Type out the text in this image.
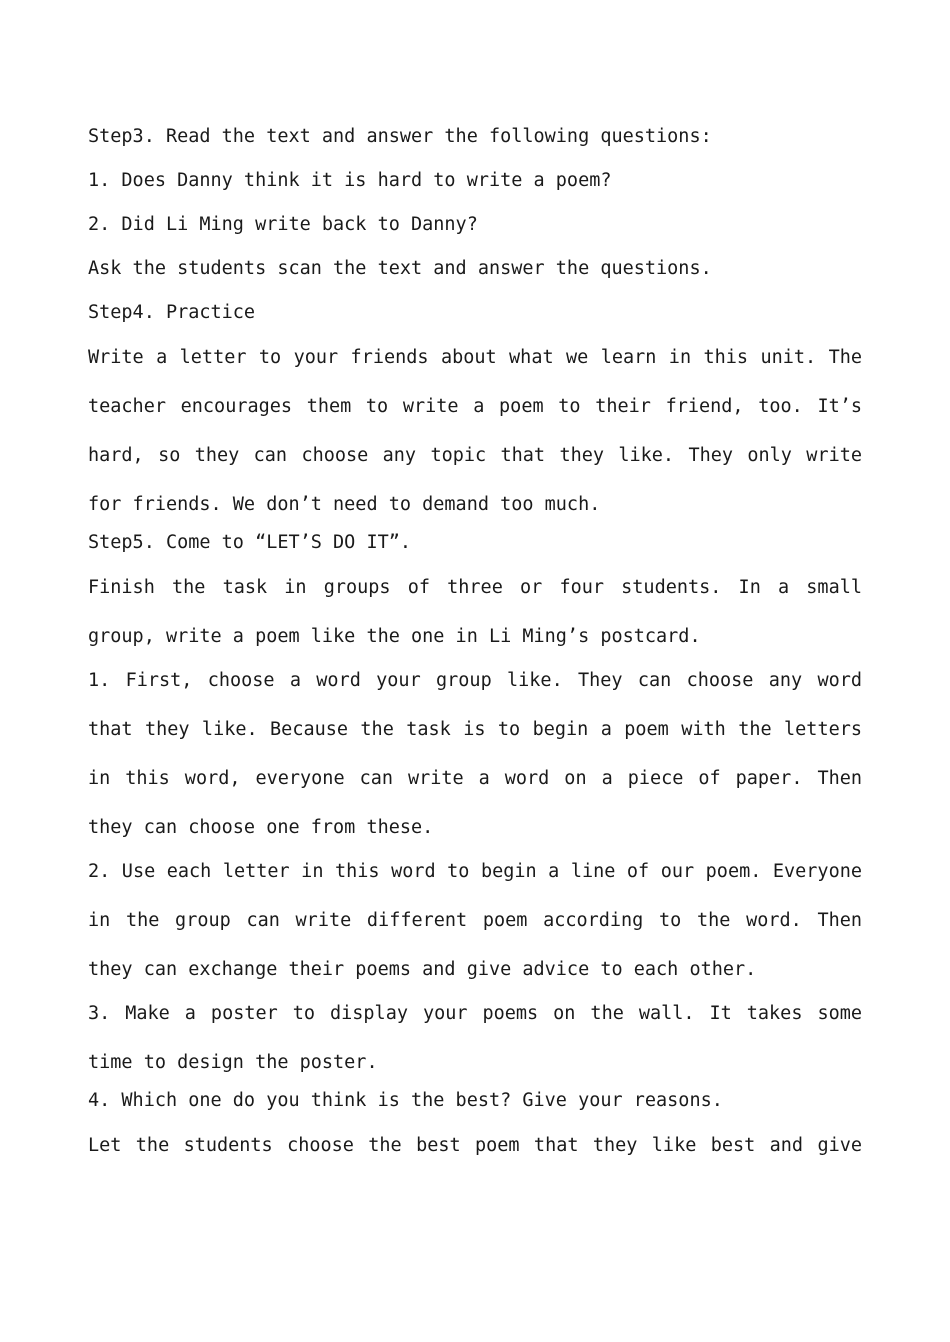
Step3. Read the text and answer the following questions:
1. Does Danny think it is hard to write a poem?
2. Did Li Ming write back to Danny?
Ask the students scan the text and answer the questions.
Step4. Practice

Write a letter to your friends about what we learn in this unit. The teacher encourages them to write a poem to their friend, too. It’s hard, so they can choose any topic that they like. They only write for friends. We don’t need to demand too much.

Step5. Come to “LET’S DO IT”.

Finish the task in groups of three or four students. In a small group, write a poem like the one in Li Ming’s postcard.

1. First, choose a word your group like. They can choose any word that they like. Because the task is to begin a poem with the letters in this word, everyone can write a word on a piece of paper. Then they can choose one from these.

2. Use each letter in this word to begin a line of our poem. Everyone in the group can write different poem according to the word. Then they can exchange their poems and give advice to each other.

3. Make a poster to display your poems on the wall. It takes some time to design the poster.

4. Which one do you think is the best? Give your reasons.

Let the students choose the best poem that they like best and give
